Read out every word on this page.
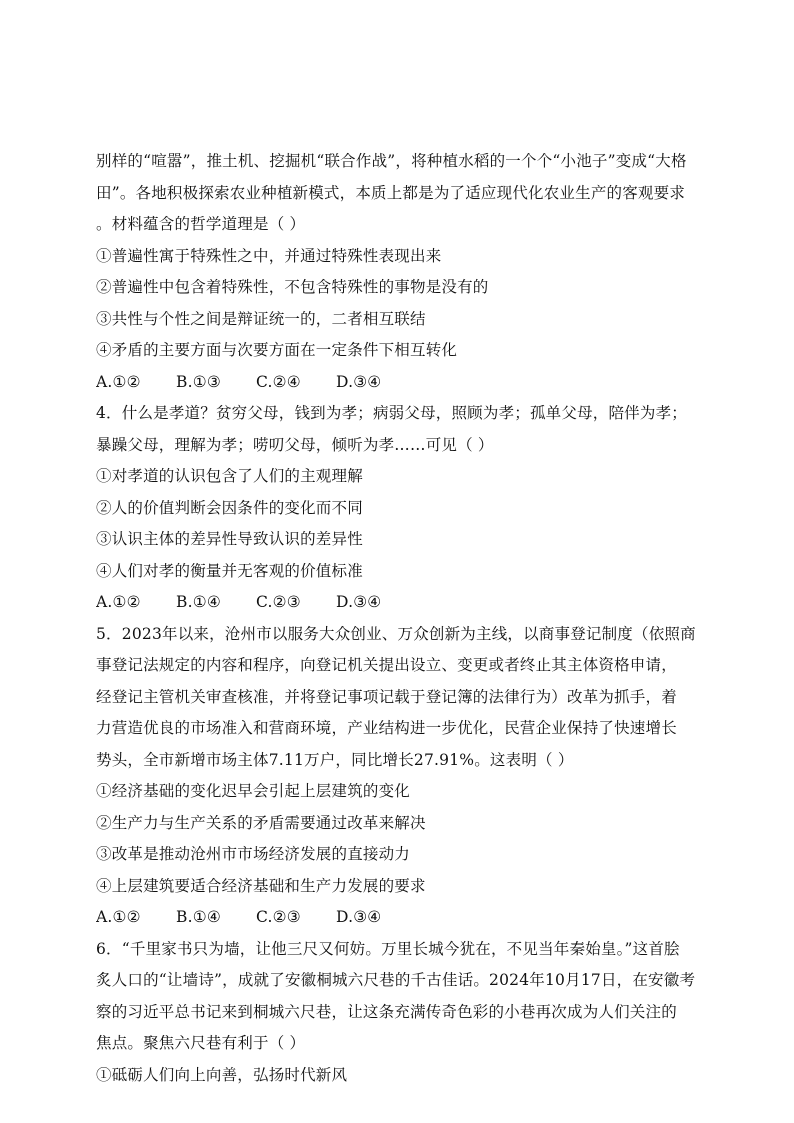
别样的“喧嚣”，推土机、挖掘机“联合作战”，将种植水稻的一个个“小池子”变成“大格
田”。各地积极探索农业种植新模式，本质上都是为了适应现代化农业生产的客观要求
。材料蕴含的哲学道理是（ ）
①普遍性寓于特殊性之中，并通过特殊性表现出来
②普遍性中包含着特殊性，不包含特殊性的事物是没有的
③共性与个性之间是辩证统一的，二者相互联结
④矛盾的主要方面与次要方面在一定条件下相互转化
A.①②	B.①③	C.②④	D.③④
4．什么是孝道？贫穷父母，钱到为孝；病弱父母，照顾为孝；孤单父母，陪伴为孝；
暴躁父母，理解为孝；唠叨父母，倾听为孝……可见（ ）
①对孝道的认识包含了人们的主观理解
②人的价值判断会因条件的变化而不同
③认识主体的差异性导致认识的差异性
④人们对孝的衡量并无客观的价值标准
A.①②	B.①④	C.②③	D.③④
5．2023年以来，沧州市以服务大众创业、万众创新为主线，以商事登记制度（依照商
事登记法规定的内容和程序，向登记机关提出设立、变更或者终止其主体资格申请，
经登记主管机关审查核准，并将登记事项记载于登记簿的法律行为）改革为抓手，着
力营造优良的市场准入和营商环境，产业结构进一步优化，民营企业保持了快速增长
势头，全市新增市场主体7.11万户，同比增长27.91%。这表明（ ）
①经济基础的变化迟早会引起上层建筑的变化
②生产力与生产关系的矛盾需要通过改革来解决
③改革是推动沧州市市场经济发展的直接动力
④上层建筑要适合经济基础和生产力发展的要求
A.①②	B.①④	C.②③	D.③④
6．“千里家书只为墙，让他三尺又何妨。万里长城今犹在，不见当年秦始皇。”这首脍
炙人口的“让墙诗”，成就了安徽桐城六尺巷的千古佳话。2024年10月17日，在安徽考
察的习近平总书记来到桐城六尺巷，让这条充满传奇色彩的小巷再次成为人们关注的
焦点。聚焦六尺巷有利于（ ）
①砥砺人们向上向善，弘扬时代新风
